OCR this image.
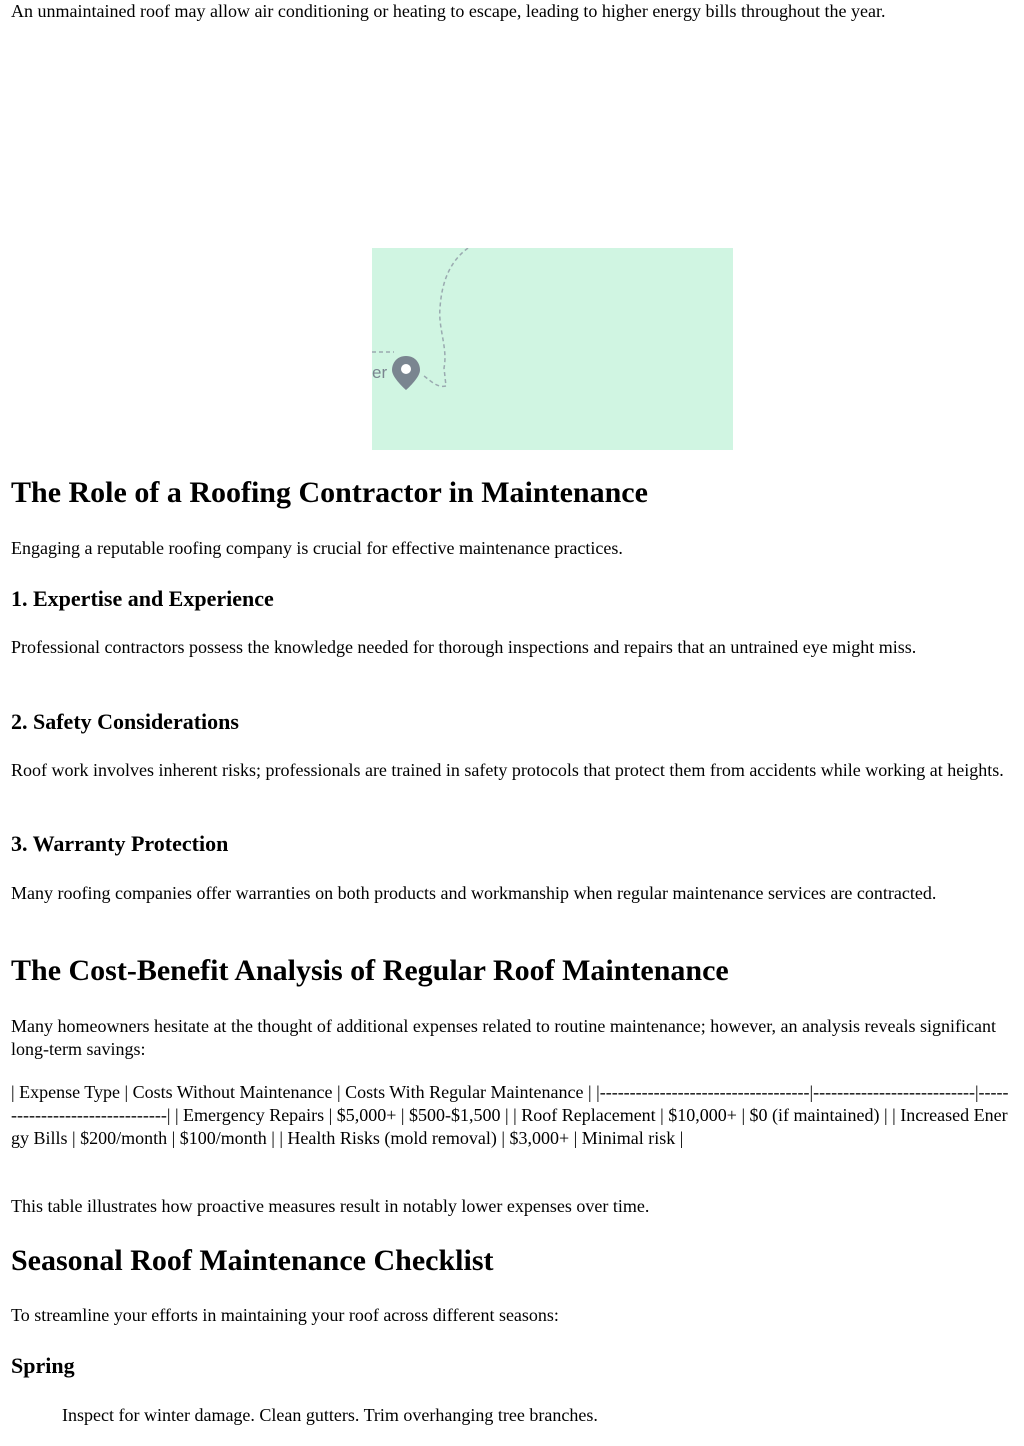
An unmaintained roof may allow air conditioning or heating to escape, leading to higher energy bills throughout the year.

er
The Role of a Roofing Contractor in Maintenance

Engaging a reputable roofing company is crucial for effective maintenance practices.

1. Expertise and Experience

Professional contractors possess the knowledge needed for thorough inspections and repairs that an untrained eye might miss.

2. Safety Considerations

Roof work involves inherent risks; professionals are trained in safety protocols that protect them from accidents while working at heights.

3. Warranty Protection

Many roofing companies offer warranties on both products and workmanship when regular maintenance services are contracted.

The Cost-Benefit Analysis of Regular Roof Maintenance

Many homeowners hesitate at the thought of additional expenses related to routine maintenance; however, an analysis reveals significant long-term savings:

| Expense Type | Costs Without Maintenance | Costs With Regular Maintenance | |-----------------------------------|---------------------------|-------------------------------| | Emergency Repairs | $5,000+ | $500-$1,500 | | Roof Replacement | $10,000+ | $0 (if maintained) | | Increased Energy Bills | $200/month | $100/month | | Health Risks (mold removal) | $3,000+ | Minimal risk |

This table illustrates how proactive measures result in notably lower expenses over time.

Seasonal Roof Maintenance Checklist

To streamline your efforts in maintaining your roof across different seasons:

Spring
Inspect for winter damage. Clean gutters. Trim overhanging tree branches.
